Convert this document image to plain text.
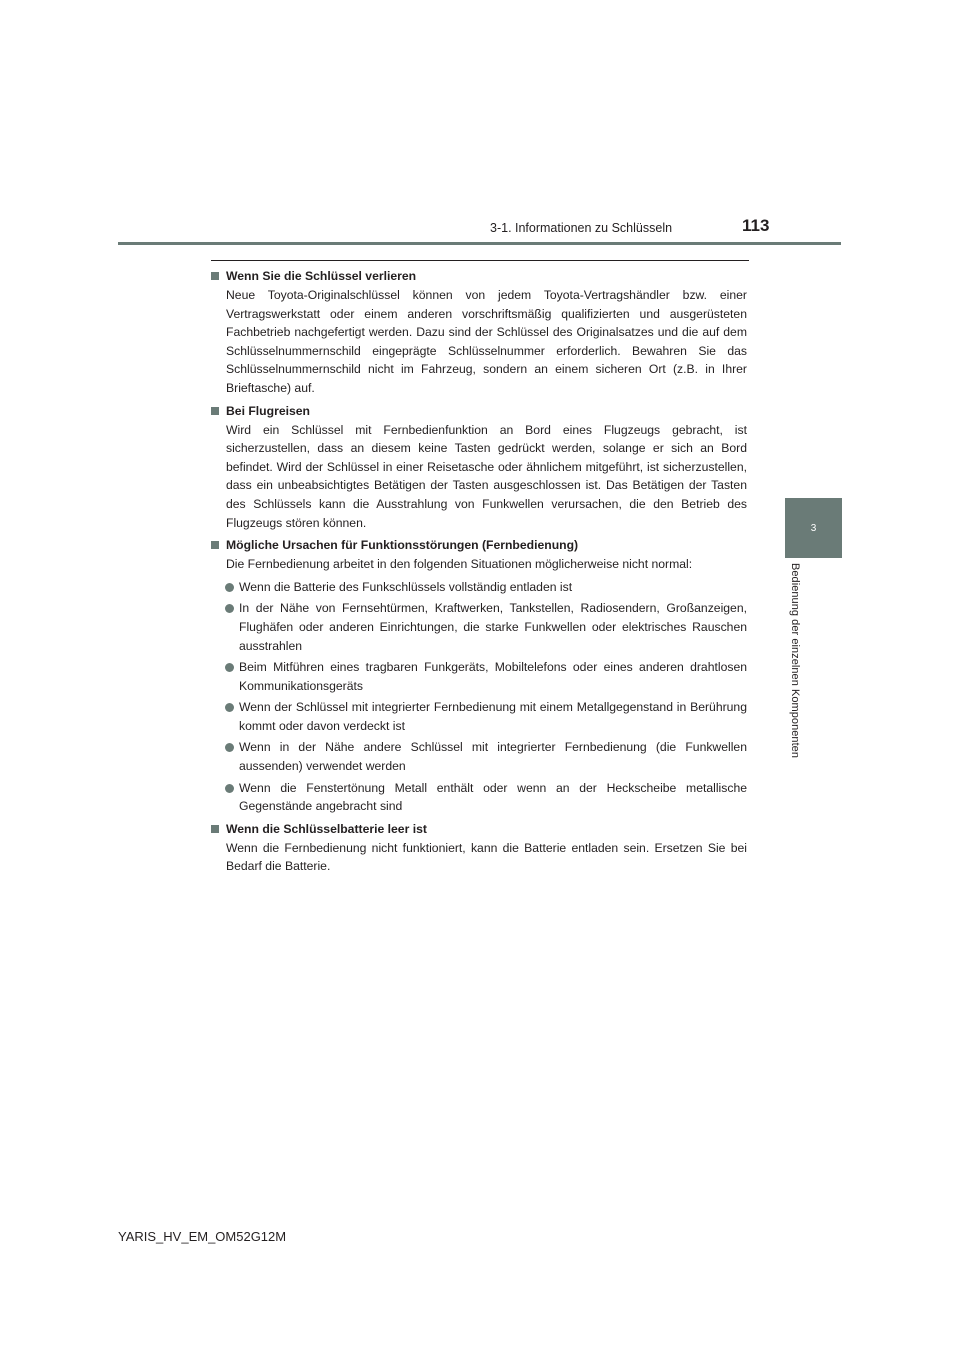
3-1. Informationen zu Schlüsseln	113
3
Bedienung der einzelnen Komponenten
Wenn Sie die Schlüssel verlieren
Neue Toyota-Originalschlüssel können von jedem Toyota-Vertragshändler bzw. einer Vertragswerkstatt oder einem anderen vorschriftsmäßig qualifizierten und ausgerüsteten Fachbetrieb nachgefertigt werden. Dazu sind der Schlüssel des Originalsatzes und die auf dem Schlüsselnummernschild eingeprägte Schlüsselnummer erforderlich. Bewahren Sie das Schlüsselnummernschild nicht im Fahrzeug, sondern an einem sicheren Ort (z.B. in Ihrer Brieftasche) auf.
Bei Flugreisen
Wird ein Schlüssel mit Fernbedienfunktion an Bord eines Flugzeugs gebracht, ist sicherzustellen, dass an diesem keine Tasten gedrückt werden, solange er sich an Bord befindet. Wird der Schlüssel in einer Reisetasche oder ähnlichem mitgeführt, ist sicherzustellen, dass ein unbeabsichtigtes Betätigen der Tasten ausgeschlossen ist. Das Betätigen der Tasten des Schlüssels kann die Ausstrahlung von Funkwellen verursachen, die den Betrieb des Flugzeugs stören können.
Mögliche Ursachen für Funktionsstörungen (Fernbedienung)
Die Fernbedienung arbeitet in den folgenden Situationen möglicherweise nicht normal:
Wenn die Batterie des Funkschlüssels vollständig entladen ist
In der Nähe von Fernsehtürmen, Kraftwerken, Tankstellen, Radiosendern, Großanzeigen, Flughäfen oder anderen Einrichtungen, die starke Funkwellen oder elektrisches Rauschen ausstrahlen
Beim Mitführen eines tragbaren Funkgeräts, Mobiltelefons oder eines anderen drahtlosen Kommunikationsgeräts
Wenn der Schlüssel mit integrierter Fernbedienung mit einem Metallgegenstand in Berührung kommt oder davon verdeckt ist
Wenn in der Nähe andere Schlüssel mit integrierter Fernbedienung (die Funkwellen aussenden) verwendet werden
Wenn die Fenstertönung Metall enthält oder wenn an der Heckscheibe metallische Gegenstände angebracht sind
Wenn die Schlüsselbatterie leer ist
Wenn die Fernbedienung nicht funktioniert, kann die Batterie entladen sein. Ersetzen Sie bei Bedarf die Batterie.
YARIS_HV_EM_OM52G12M
